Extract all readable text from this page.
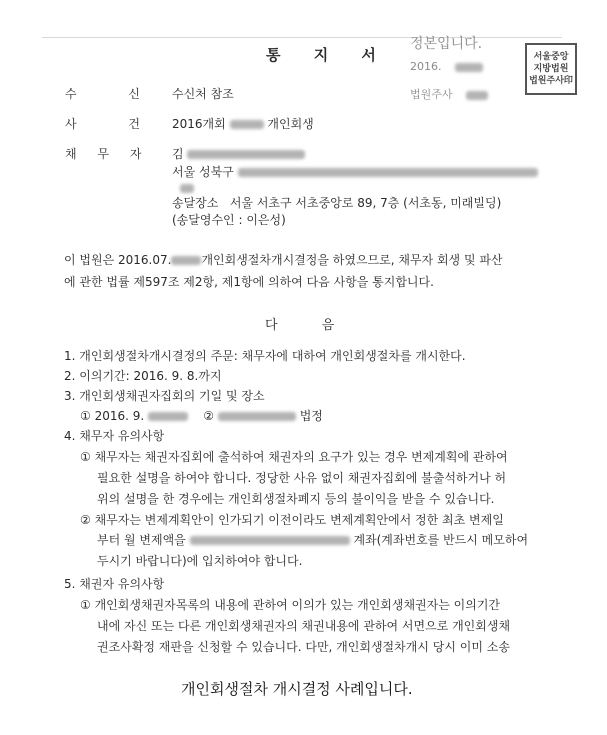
통 지 서
정본입니다.
2016.
법원주사
서울중앙
지방법원
법원주사印
수 신	수신처 참조
사 건	2016개회	개인회생
채 무 자	김
서울 성북구
송달장소 서울 서초구 서초중앙로 89, 7층 (서초동, 미래빌딩)
(송달영수인 : 이은성)
이 법원은 2016.07.	개인회생절차개시결정을 하였으므로, 채무자 회생 및 파산
에 관한 법률 제597조 제2항, 제1항에 의하여 다음 사항을 통지합니다.
다 음
1. 개인회생절차개시결정의 주문: 채무자에 대하여 개인회생절차를 개시한다.
2. 이의기간: 2016. 9. 8.까지
3. 개인회생채권자집회의 기일 및 장소
① 2016. 9.	②	법정
4. 채무자 유의사항
① 채무자는 채권자집회에 출석하여 채권자의 요구가 있는 경우 변제계획에 관하여
필요한 설명을 하여야 합니다. 정당한 사유 없이 채권자집회에 불출석하거나 허
위의 설명을 한 경우에는 개인회생절차폐지 등의 불이익을 받을 수 있습니다.
② 채무자는 변제계획안이 인가되기 이전이라도 변제계획안에서 정한 최초 변제일
부터 월 변제액을	계좌(계좌번호를 반드시 메모하여
두시기 바랍니다)에 입치하여야 합니다.
5. 채권자 유의사항
① 개인회생채권자목록의 내용에 관하여 이의가 있는 개인회생채권자는 이의기간
내에 자신 또는 다른 개인회생채권자의 채권내용에 관하여 서면으로 개인회생채
권조사확정 재판을 신청할 수 있습니다. 다만, 개인회생절차개시 당시 이미 소송
개인회생절차 개시결정 사례입니다.
